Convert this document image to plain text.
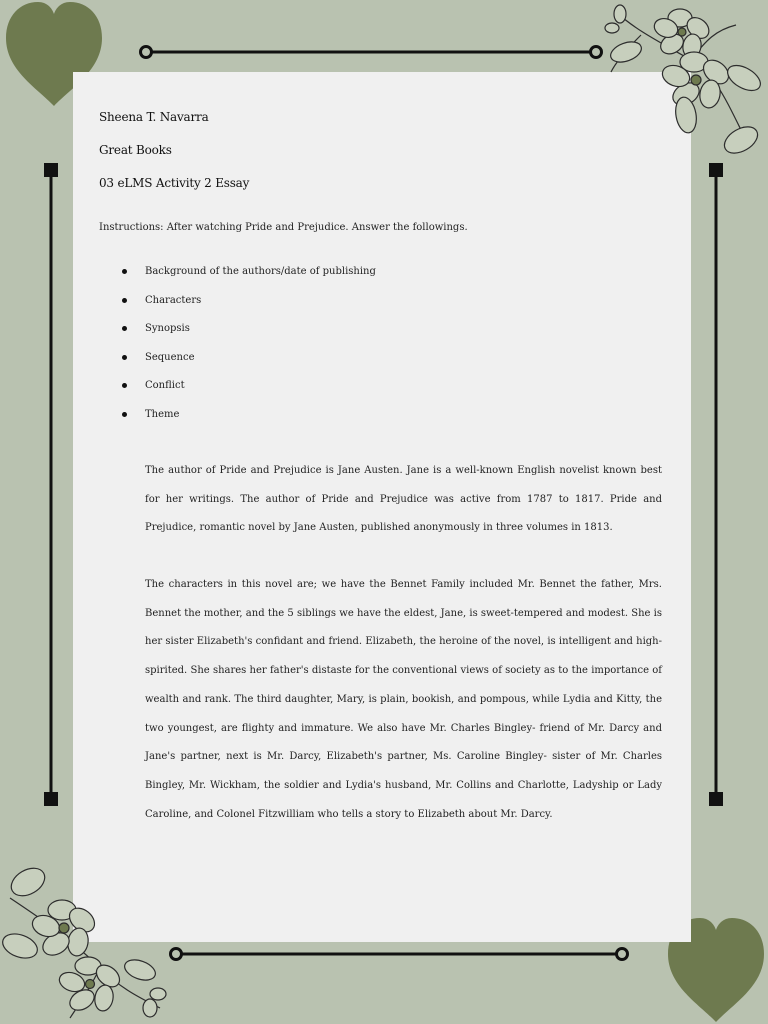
Sheena T. Navarra
Great Books
03 eLMS Activity 2 Essay
Instructions: After watching Pride and Prejudice. Answer the followings.
Background of the authors/date of publishing
Characters
Synopsis
Sequence
Conflict
Theme

The author of Pride and Prejudice is Jane Austen. Jane is a well-known English novelist known best for her writings. The author of Pride and Prejudice was active from 1787 to 1817. Pride and Prejudice, romantic novel by Jane Austen, published anonymously in three volumes in 1813.

The characters in this novel are; we have the Bennet Family included Mr. Bennet the father, Mrs. Bennet the mother, and the 5 siblings we have the eldest, Jane, is sweet-tempered and modest. She is her sister Elizabeth's confidant and friend. Elizabeth, the heroine of the novel, is intelligent and high-spirited. She shares her father's distaste for the conventional views of society as to the importance of wealth and rank. The third daughter, Mary, is plain, bookish, and pompous, while Lydia and Kitty, the two youngest, are flighty and immature. We also have Mr. Charles Bingley- friend of Mr. Darcy and Jane's partner, next is Mr. Darcy, Elizabeth's partner, Ms. Caroline Bingley- sister of Mr. Charles Bingley, Mr. Wickham, the soldier and Lydia's husband, Mr. Collins and Charlotte, Ladyship or Lady Caroline, and Colonel Fitzwilliam who tells a story to Elizabeth about Mr. Darcy.
